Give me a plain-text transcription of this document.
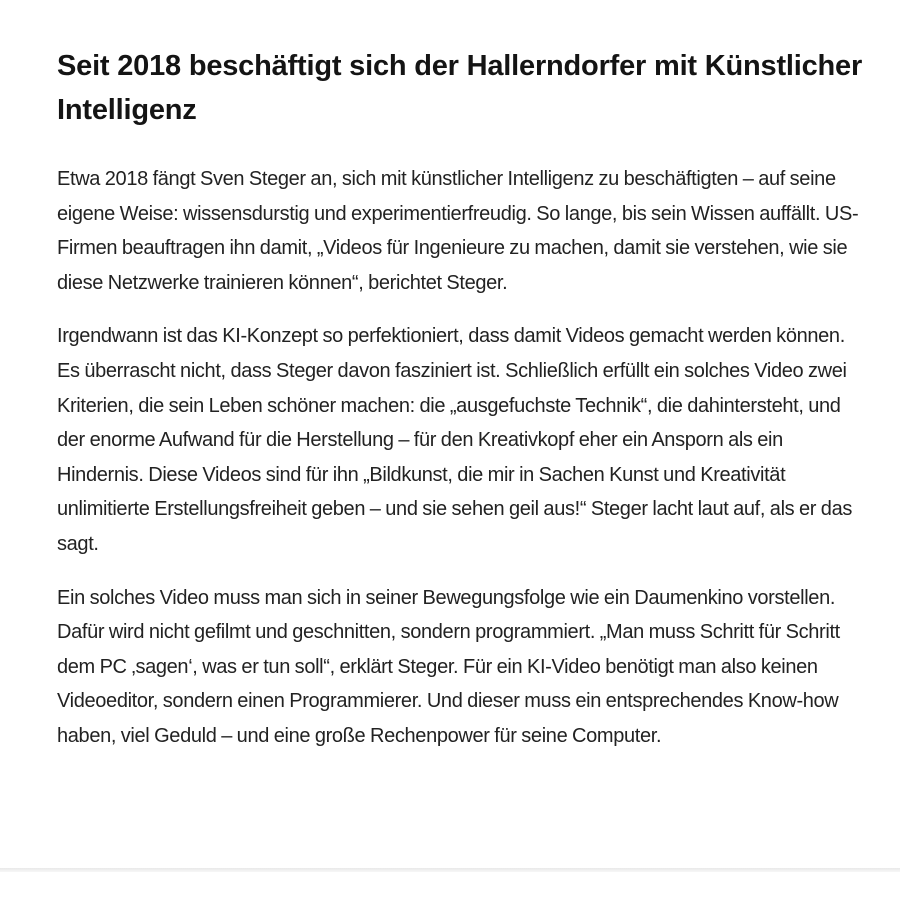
Seit 2018 beschäftigt sich der Hallerndorfer mit Künstlicher Intelligenz

Etwa 2018 fängt Sven Steger an, sich mit künstlicher Intelligenz zu beschäftigten – auf seine eigene Weise: wissensdurstig und experimentierfreudig. So lange, bis sein Wissen auffällt. US-Firmen beauftragen ihn damit, „Videos für Ingenieure zu machen, damit sie verstehen, wie sie diese Netzwerke trainieren können“, berichtet Steger.

Irgendwann ist das KI-Konzept so perfektioniert, dass damit Videos gemacht werden können. Es überrascht nicht, dass Steger davon fasziniert ist. Schließlich erfüllt ein solches Video zwei Kriterien, die sein Leben schöner machen: die „ausgefuchste Technik“, die dahintersteht, und der enorme Aufwand für die Herstellung – für den Kreativkopf eher ein Ansporn als ein Hindernis. Diese Videos sind für ihn „Bildkunst, die mir in Sachen Kunst und Kreativität unlimitierte Erstellungsfreiheit geben – und sie sehen geil aus!“ Steger lacht laut auf, als er das sagt.

Ein solches Video muss man sich in seiner Bewegungsfolge wie ein Daumenkino vorstellen. Dafür wird nicht gefilmt und geschnitten, sondern programmiert. „Man muss Schritt für Schritt dem PC ‚sagen‘, was er tun soll“, erklärt Steger. Für ein KI-Video benötigt man also keinen Videoeditor, sondern einen Programmierer. Und dieser muss ein entsprechendes Know-how haben, viel Geduld – und eine große Rechenpower für seine Computer.
